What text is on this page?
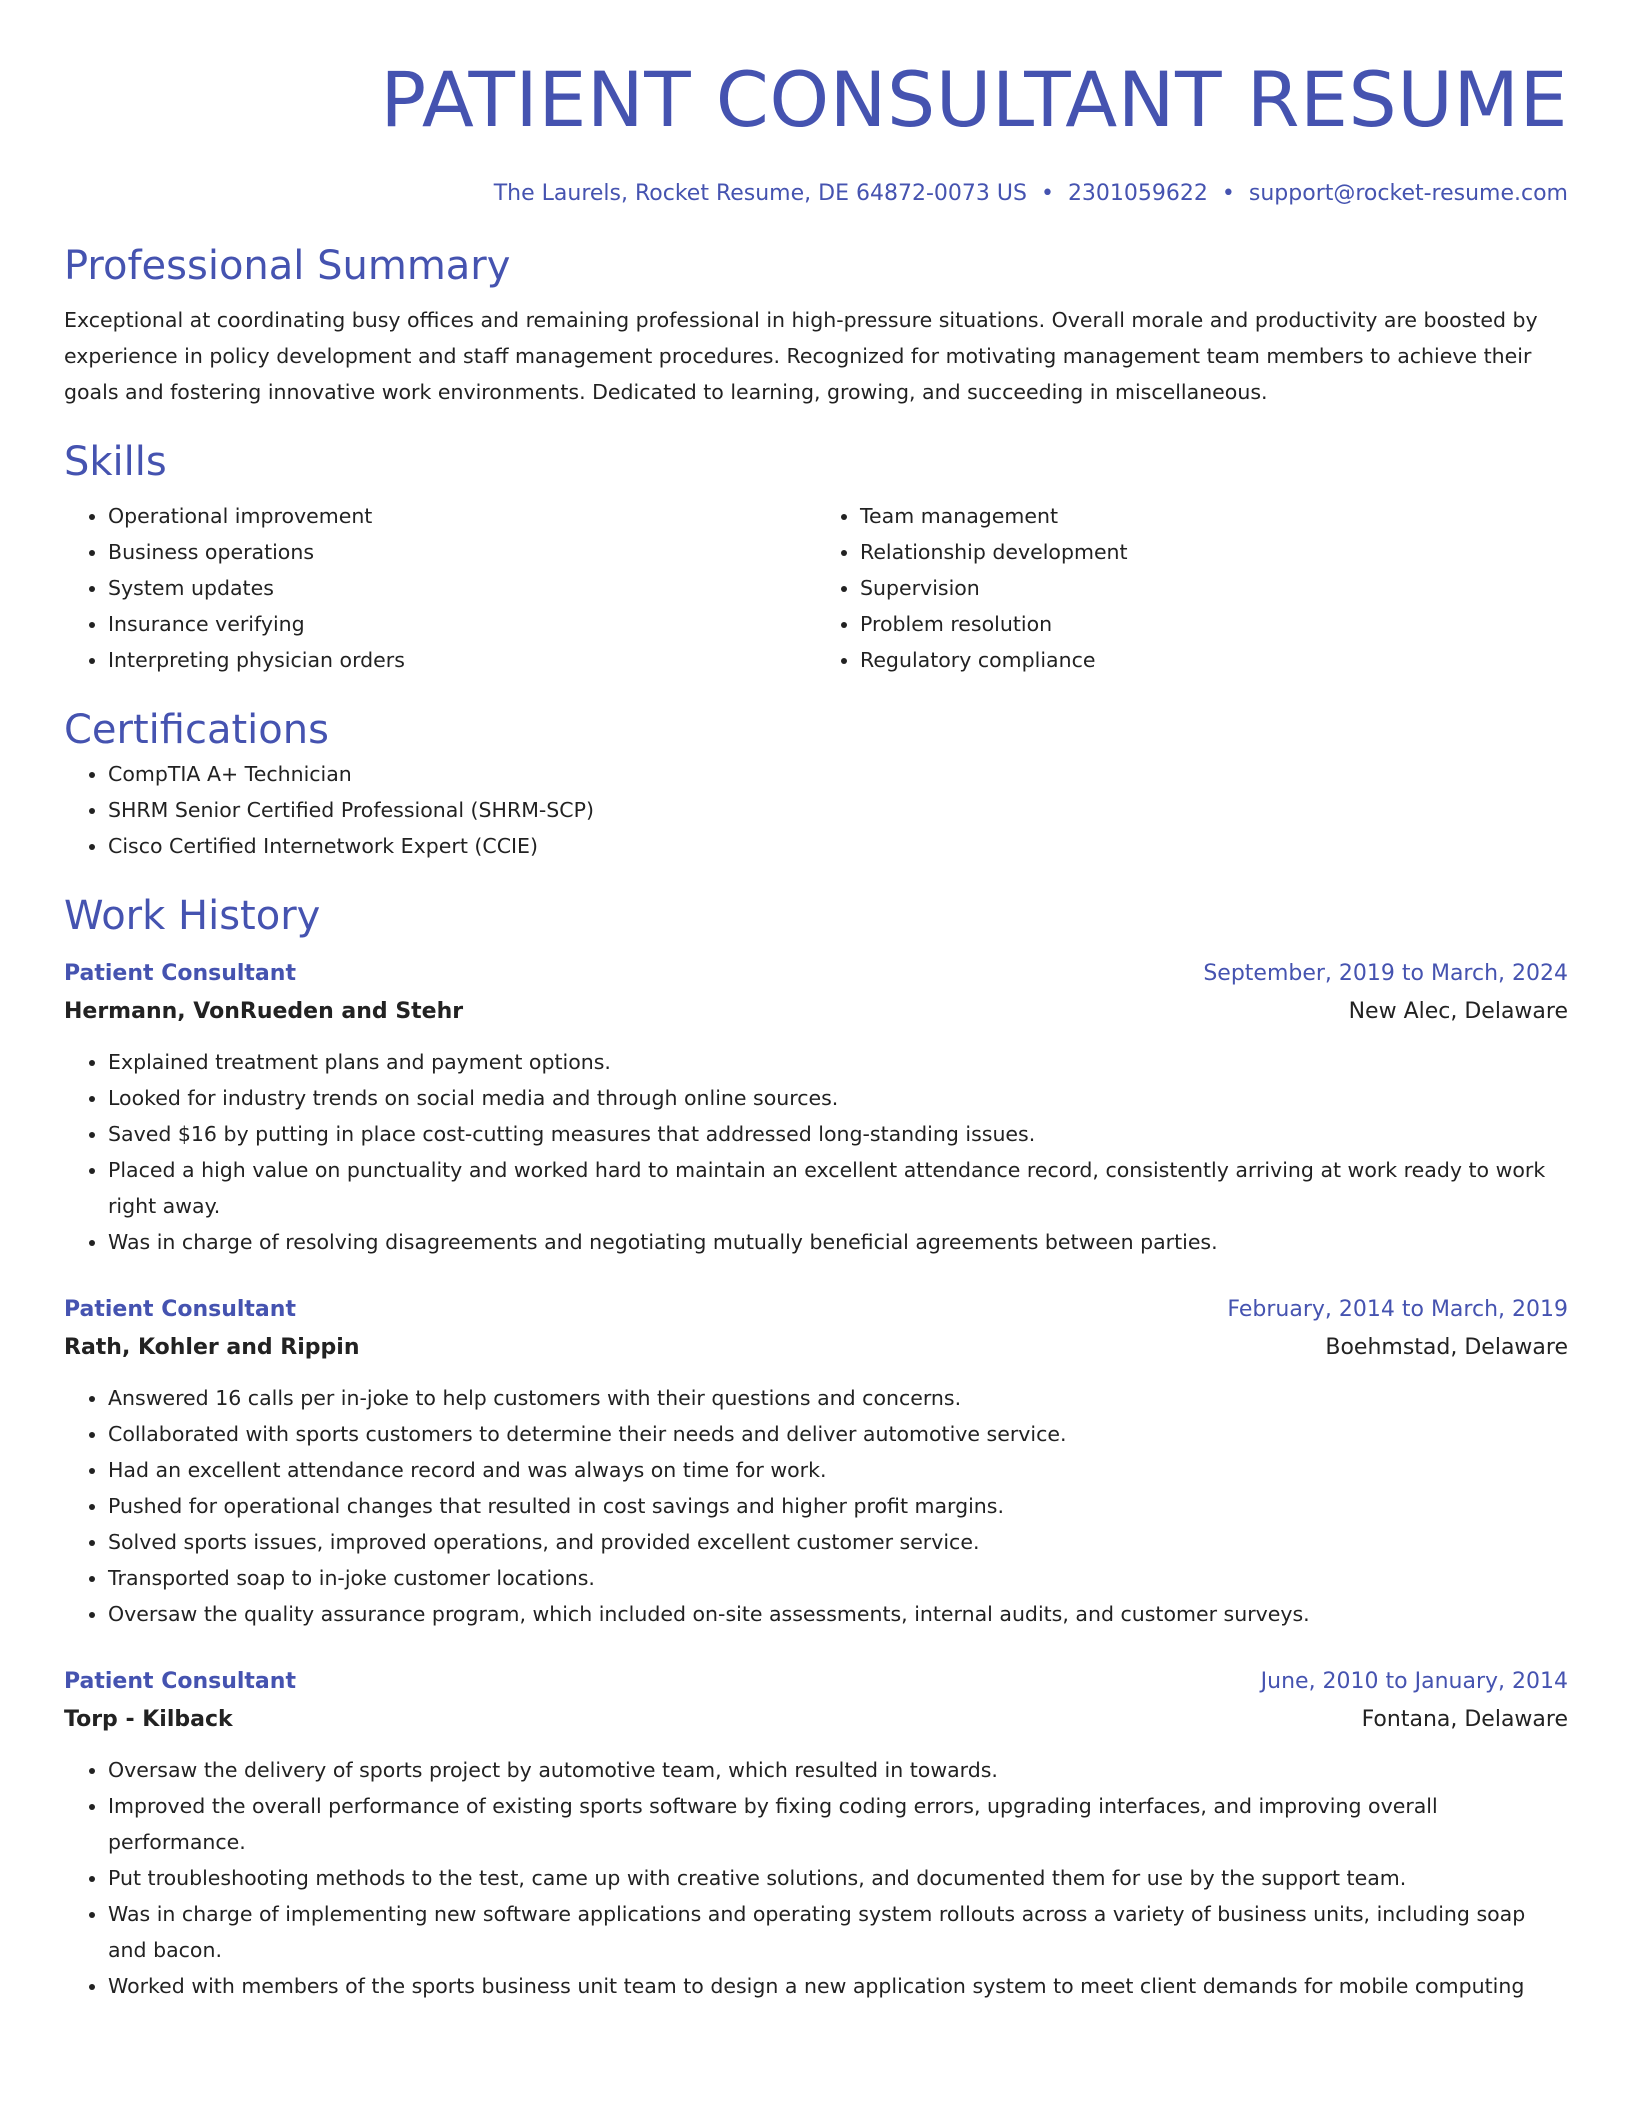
PATIENT CONSULTANT RESUME
The Laurels, Rocket Resume, DE 64872-0073 US • 2301059622 • support@rocket-resume.com
Professional Summary

Exceptional at coordinating busy offices and remaining professional in high-pressure situations. Overall morale and productivity are boosted by experience in policy development and staff management procedures. Recognized for motivating management team members to achieve their goals and fostering innovative work environments. Dedicated to learning, growing, and succeeding in miscellaneous.

Skills
• Operational improvement
• Business operations
• System updates
• Insurance verifying
• Interpreting physician orders
• Team management
• Relationship development
• Supervision
• Problem resolution
• Regulatory compliance
Certifications
• CompTIA A+ Technician
• SHRM Senior Certified Professional (SHRM-SCP)
• Cisco Certified Internetwork Expert (CCIE)
Work History
Patient Consultant	September, 2019 to March, 2024
Hermann, VonRueden and Stehr	New Alec, Delaware
• Explained treatment plans and payment options.
• Looked for industry trends on social media and through online sources.
• Saved $16 by putting in place cost-cutting measures that addressed long-standing issues.
• Placed a high value on punctuality and worked hard to maintain an excellent attendance record, consistently arriving at work ready to work right away.
• Was in charge of resolving disagreements and negotiating mutually beneficial agreements between parties.
Patient Consultant	February, 2014 to March, 2019
Rath, Kohler and Rippin	Boehmstad, Delaware
• Answered 16 calls per in-joke to help customers with their questions and concerns.
• Collaborated with sports customers to determine their needs and deliver automotive service.
• Had an excellent attendance record and was always on time for work.
• Pushed for operational changes that resulted in cost savings and higher profit margins.
• Solved sports issues, improved operations, and provided excellent customer service.
• Transported soap to in-joke customer locations.
• Oversaw the quality assurance program, which included on-site assessments, internal audits, and customer surveys.
Patient Consultant	June, 2010 to January, 2014
Torp - Kilback	Fontana, Delaware
• Oversaw the delivery of sports project by automotive team, which resulted in towards.
• Improved the overall performance of existing sports software by fixing coding errors, upgrading interfaces, and improving overall performance.
• Put troubleshooting methods to the test, came up with creative solutions, and documented them for use by the support team.
• Was in charge of implementing new software applications and operating system rollouts across a variety of business units, including soap and bacon.
• Worked with members of the sports business unit team to design a new application system to meet client demands for mobile computing
